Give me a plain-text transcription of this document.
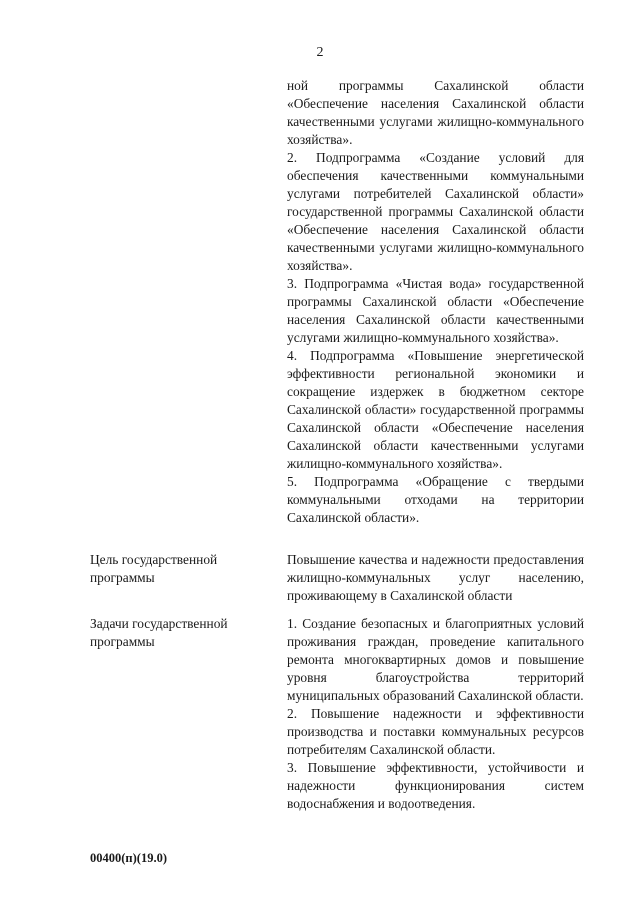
2

ной программы Сахалинской области «Обеспечение населения Сахалинской области качественными услугами жилищно-коммунального хозяйства».

2. Подпрограмма «Создание условий для обеспечения качественными коммунальными услугами потребителей Сахалинской области» государственной программы Сахалинской области «Обеспечение населения Сахалинской области качественными услугами жилищно-коммунального хозяйства».

3. Подпрограмма «Чистая вода» государственной программы Сахалинской области «Обеспечение населения Сахалинской области качественными услугами жилищно-коммунального хозяйства».

4. Подпрограмма «Повышение энергетической эффективности региональной экономики и сокращение издержек в бюджетном секторе Сахалинской области» государственной программы Сахалинской области «Обеспечение населения Сахалинской области качественными услугами жилищно-коммунального хозяйства».

5. Подпрограмма «Обращение с твердыми коммунальными отходами на территории Сахалинской области».

Цель государственной программы

Повышение качества и надежности предоставления жилищно-коммунальных услуг населению, проживающему в Сахалинской области

Задачи государственной программы

1. Создание безопасных и благоприятных условий проживания граждан, проведение капитального ремонта многоквартирных домов и повышение уровня благоустройства территорий муниципальных образований Сахалинской области.

2. Повышение надежности и эффективности производства и поставки коммунальных ресурсов потребителям Сахалинской области.

3. Повышение эффективности, устойчивости и надежности функционирования систем водоснабжения и водоотведения.

00400(п)(19.0)
